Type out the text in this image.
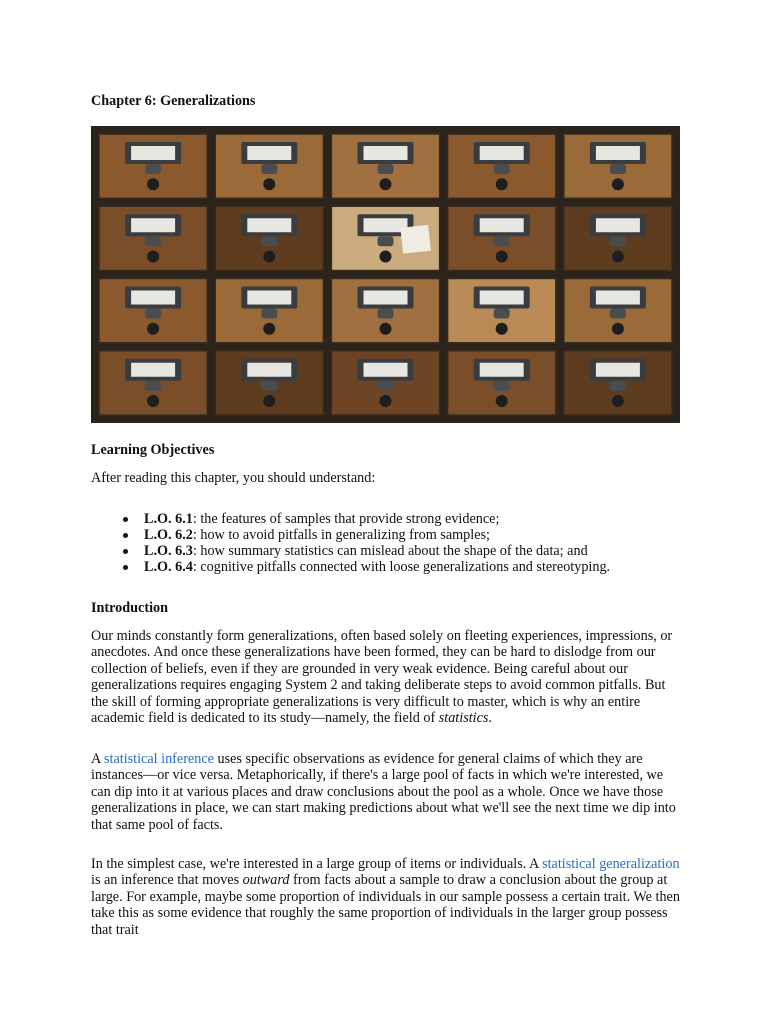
Chapter 6: Generalizations
Learning Objectives

After reading this chapter, you should understand:

L.O. 6.1: the features of samples that provide strong evidence;
L.O. 6.2: how to avoid pitfalls in generalizing from samples;
L.O. 6.3: how summary statistics can mislead about the shape of the data; and
L.O. 6.4: cognitive pitfalls connected with loose generalizations and stereotyping.
Introduction

Our minds constantly form generalizations, often based solely on fleeting experiences, impressions, or anecdotes. And once these generalizations have been formed, they can be hard to dislodge from our collection of beliefs, even if they are grounded in very weak evidence. Being careful about our generalizations requires engaging System 2 and taking deliberate steps to avoid common pitfalls. But the skill of forming appropriate generalizations is very difficult to master, which is why an entire academic field is dedicated to its study—namely, the field of statistics.

A statistical inference uses specific observations as evidence for general claims of which they are instances—or vice versa. Metaphorically, if there's a large pool of facts in which we're interested, we can dip into it at various places and draw conclusions about the pool as a whole. Once we have those generalizations in place, we can start making predictions about what we'll see the next time we dip into that same pool of facts.

In the simplest case, we're interested in a large group of items or individuals. A statistical generalization is an inference that moves outward from facts about a sample to draw a conclusion about the group at large. For example, maybe some proportion of individuals in our sample possess a certain trait. We then take this as some evidence that roughly the same proportion of individuals in the larger group possess that trait
